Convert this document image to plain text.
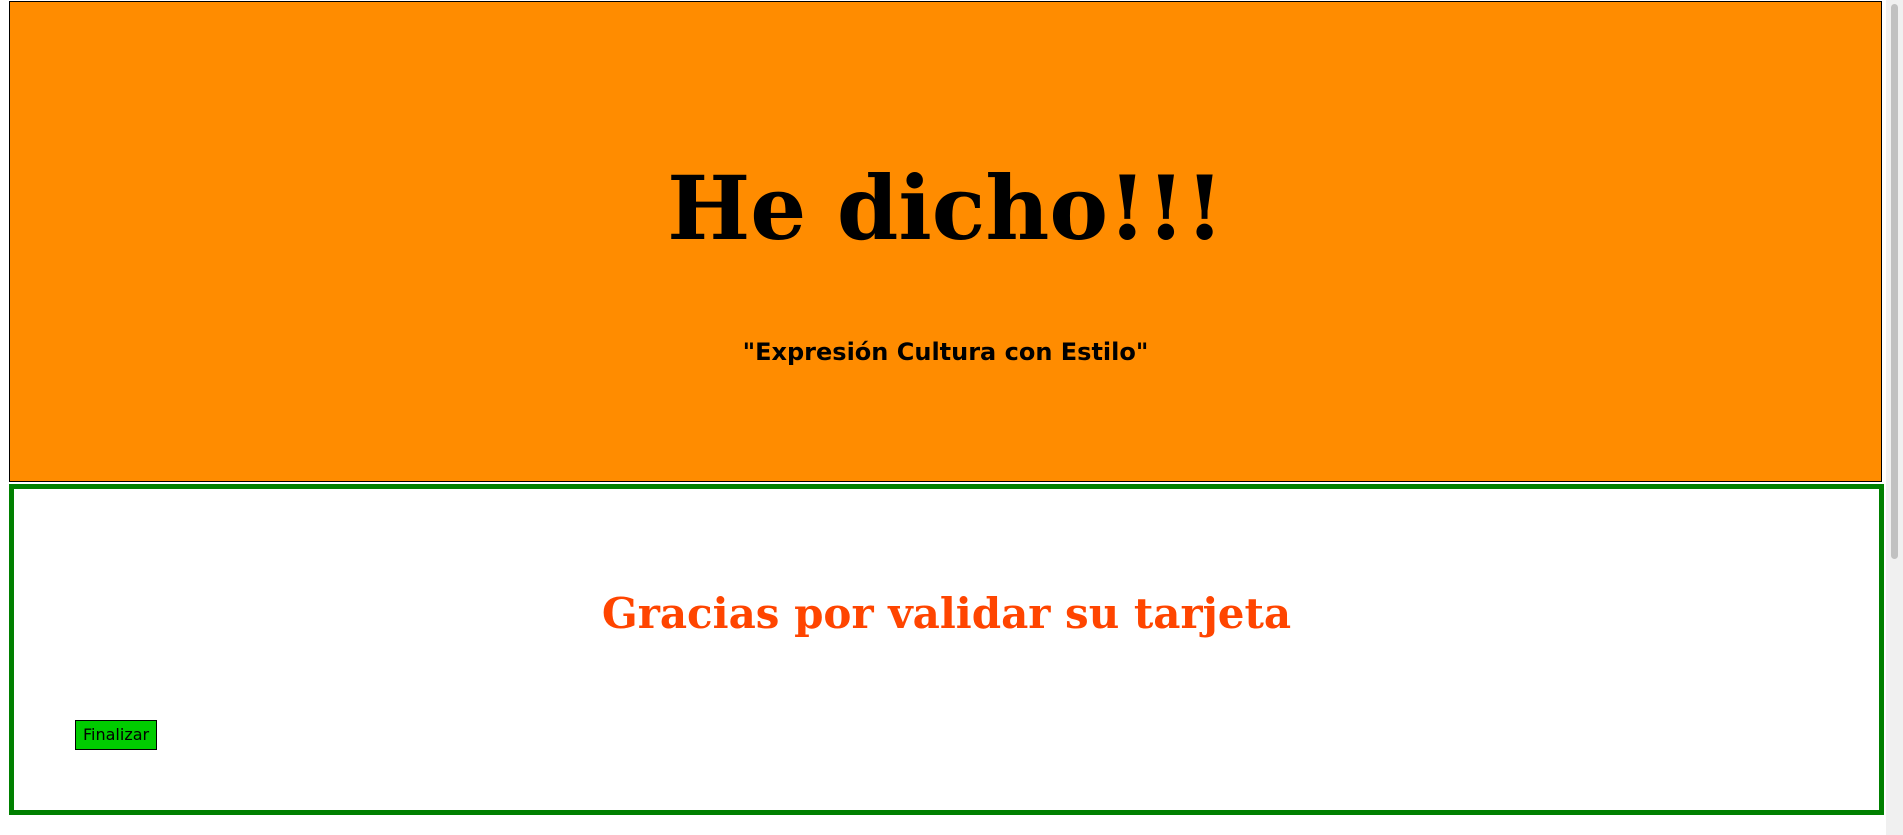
He dicho!!!

"Expresión Cultura con Estilo"

Gracias por validar su tarjeta
Finalizar
